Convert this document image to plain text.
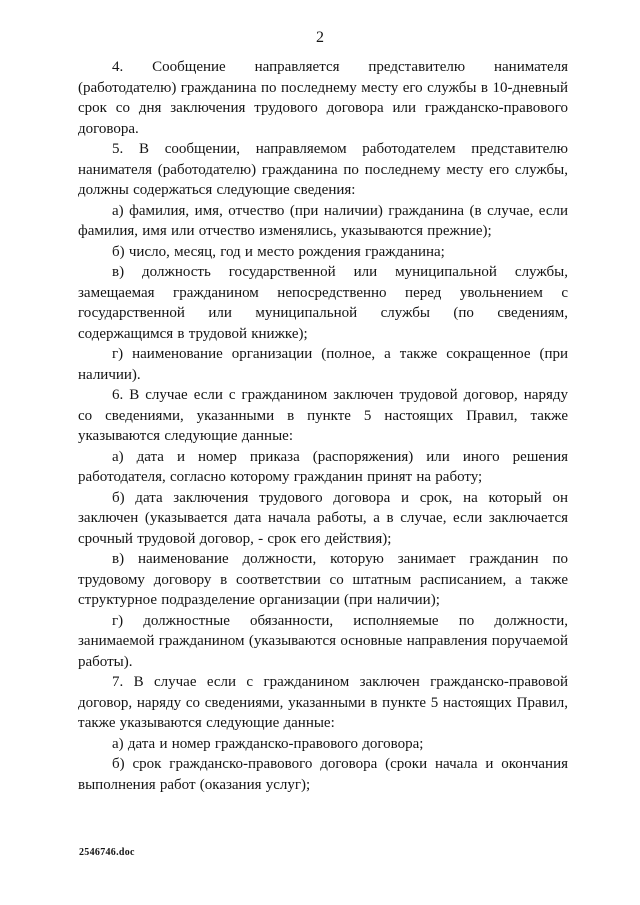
2

4. Сообщение направляется представителю нанимателя (работодателю) гражданина по последнему месту его службы в 10-дневный срок со дня заключения трудового договора или гражданско-правового договора.

5. В сообщении, направляемом работодателем представителю нанимателя (работодателю) гражданина по последнему месту его службы, должны содержаться следующие сведения:

а) фамилия, имя, отчество (при наличии) гражданина (в случае, если фамилия, имя или отчество изменялись, указываются прежние);

б) число, месяц, год и место рождения гражданина;

в) должность государственной или муниципальной службы, замещаемая гражданином непосредственно перед увольнением с государственной или муниципальной службы (по сведениям, содержащимся в трудовой книжке);

г) наименование организации (полное, а также сокращенное (при наличии).

6. В случае если с гражданином заключен трудовой договор, наряду со сведениями, указанными в пункте 5 настоящих Правил, также указываются следующие данные:

а) дата и номер приказа (распоряжения) или иного решения работодателя, согласно которому гражданин принят на работу;

б) дата заключения трудового договора и срок, на который он заключен (указывается дата начала работы, а в случае, если заключается срочный трудовой договор, - срок его действия);

в) наименование должности, которую занимает гражданин по трудовому договору в соответствии со штатным расписанием, а также структурное подразделение организации (при наличии);

г) должностные обязанности, исполняемые по должности, занимаемой гражданином (указываются основные направления поручаемой работы).

7. В случае если с гражданином заключен гражданско-правовой договор, наряду со сведениями, указанными в пункте 5 настоящих Правил, также указываются следующие данные:

а) дата и номер гражданско-правового договора;

б) срок гражданско-правового договора (сроки начала и окончания выполнения работ (оказания услуг);

2546746.doc
